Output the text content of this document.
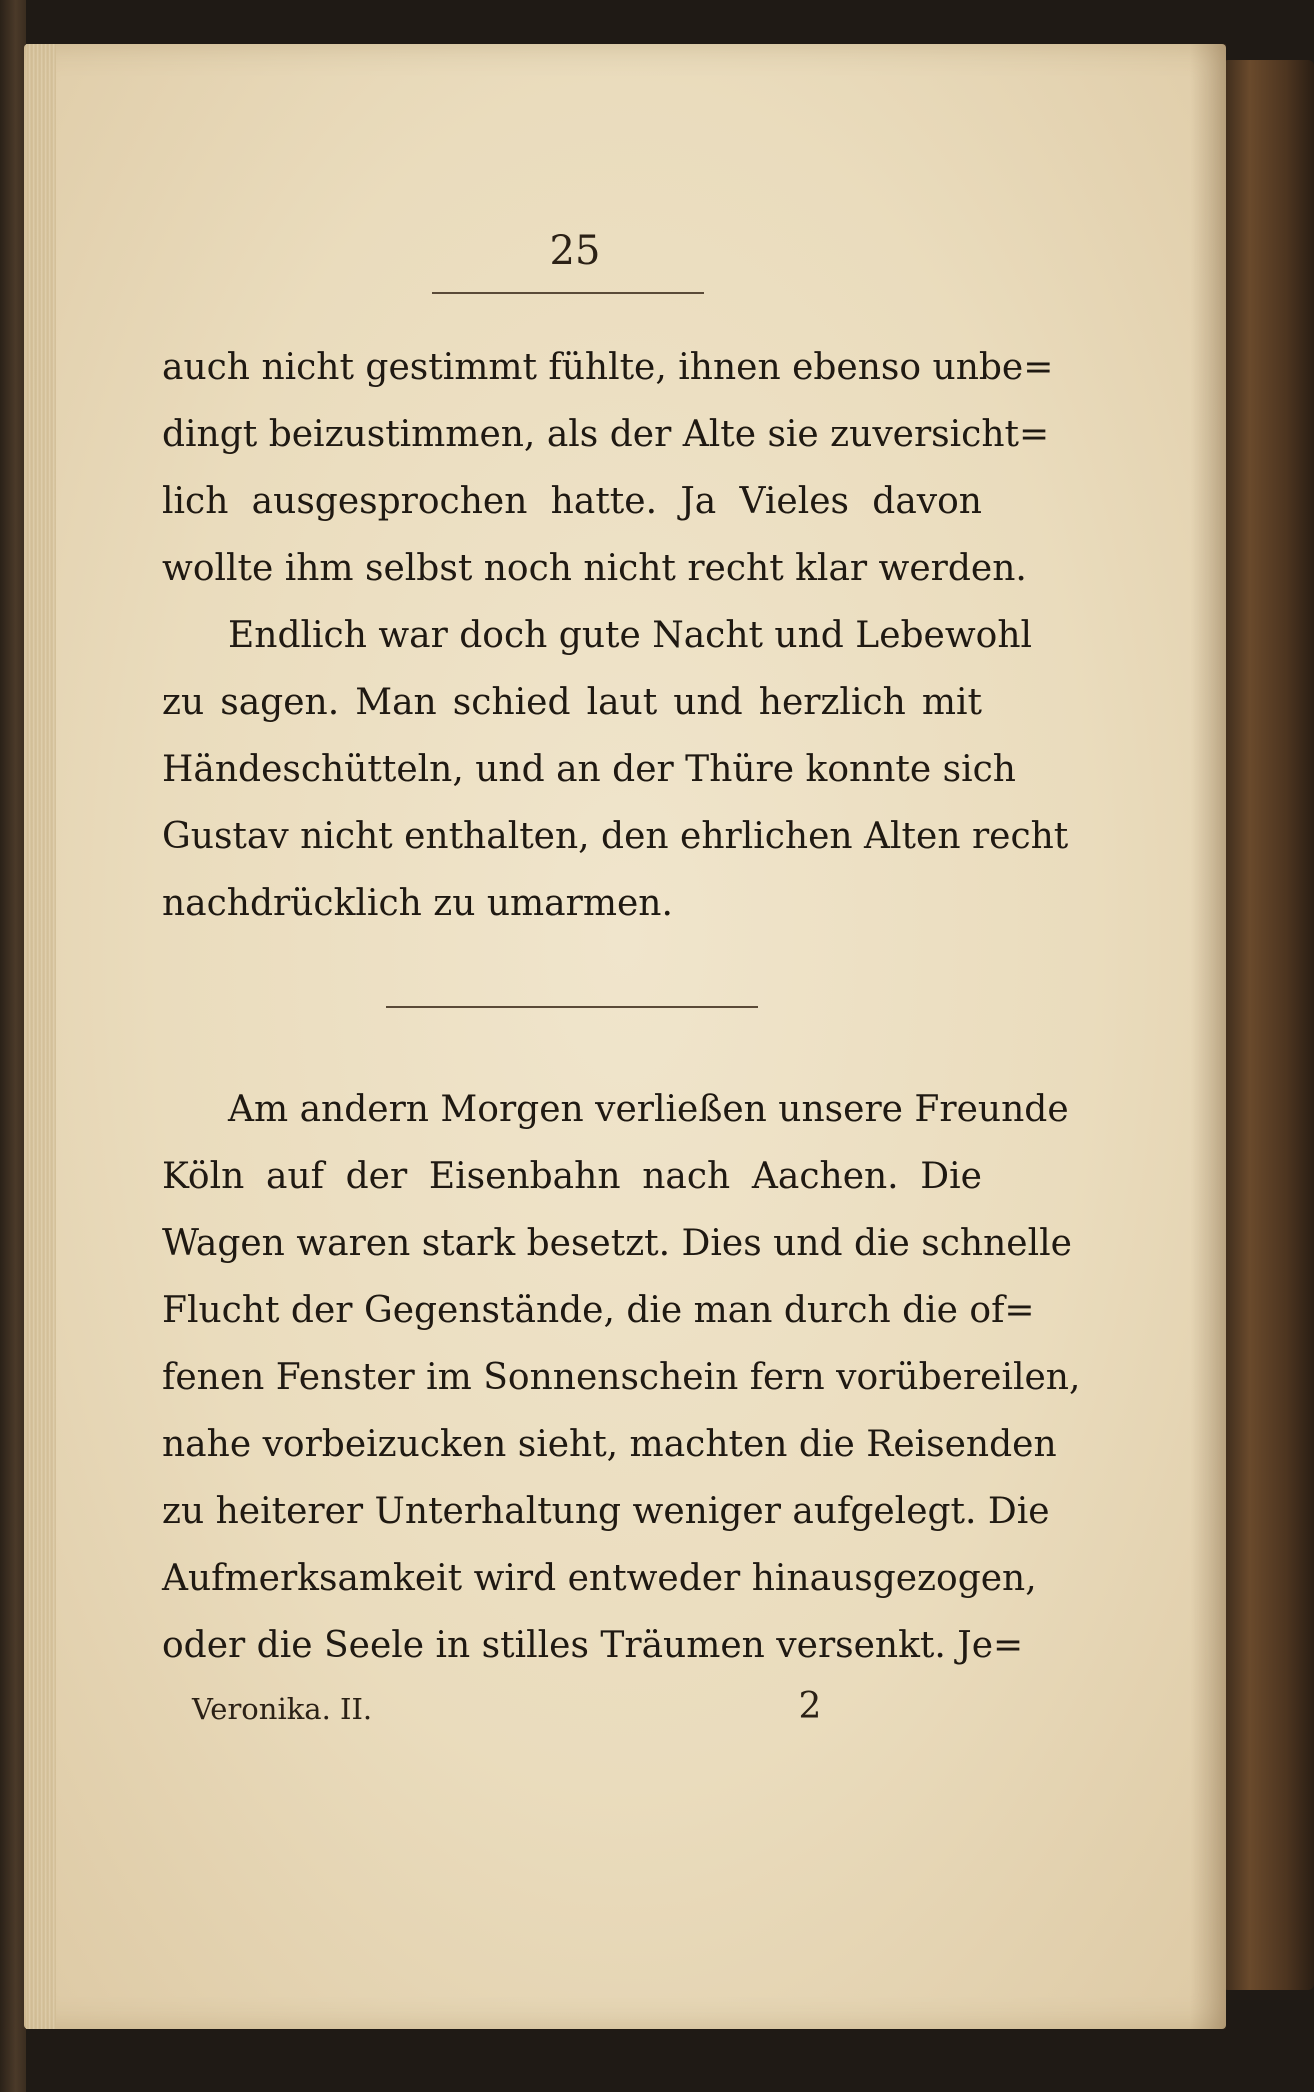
25
auch nicht gestimmt fühlte, ihnen ebenso unbe=
dingt beizustimmen, als der Alte sie zuversicht=
lich ausgesprochen hatte. Ja Vieles davon
wollte ihm selbst noch nicht recht klar werden.
Endlich war doch gute Nacht und Lebewohl
zu sagen. Man schied laut und herzlich mit
Händeschütteln, und an der Thüre konnte sich
Gustav nicht enthalten, den ehrlichen Alten recht
nachdrücklich zu umarmen.
Am andern Morgen verließen unsere Freunde
Köln auf der Eisenbahn nach Aachen. Die
Wagen waren stark besetzt. Dies und die schnelle
Flucht der Gegenstände, die man durch die of=
fenen Fenster im Sonnenschein fern vorübereilen,
nahe vorbeizucken sieht, machten die Reisenden
zu heiterer Unterhaltung weniger aufgelegt. Die
Aufmerksamkeit wird entweder hinausgezogen,
oder die Seele in stilles Träumen versenkt. Je=
Veronika. II.	2
